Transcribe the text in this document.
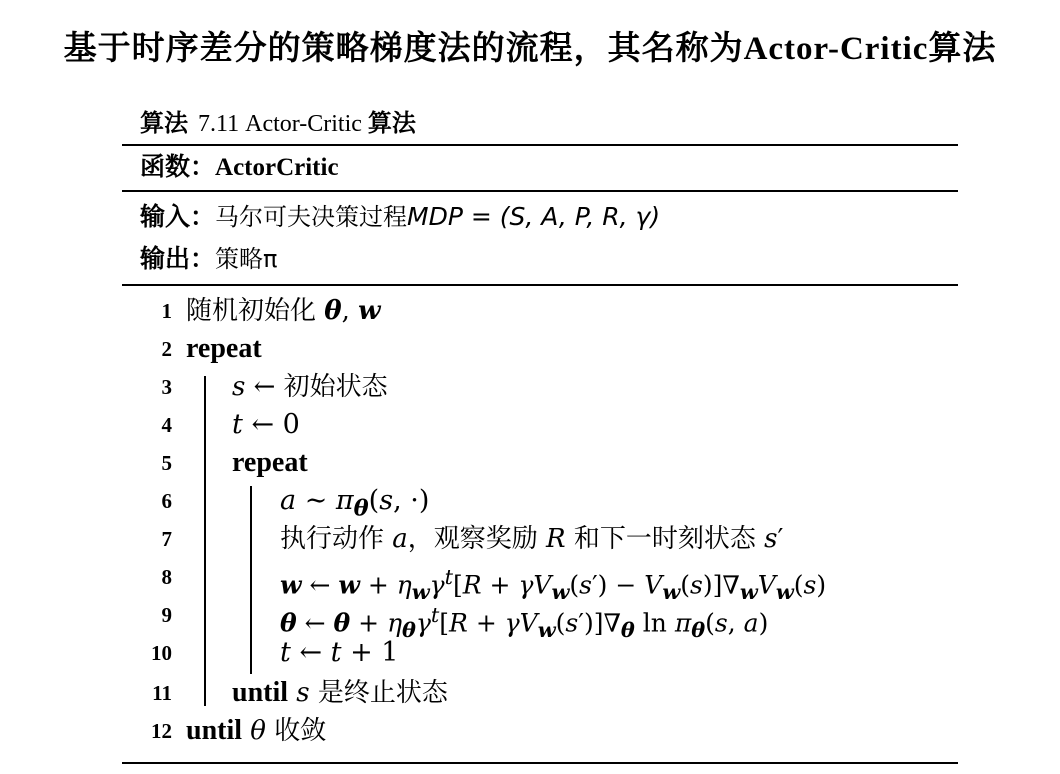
基于时序差分的策略梯度法的流程，其名称为Actor-Critic算法
算法 7.11 Actor-Critic 算法
函数：ActorCritic
输入：马尔可夫决策过程MDP = (S, A, P, R, γ)
输出：策略π
1 随机初始化 θ, w
2 repeat
3 s ← 初始状态
4 t ← 0
5 repeat
6	a ∼ $\pi_\theta(s$, ·)
7	执行动作 a，观察奖励 R 和下一时刻状态 s′
8	w ← $w + \eta_w\gamma^t[R + \gamma V_w(s') - V_w(s)]\nabla_wV_w(s)$
9	θ ← $\theta + \eta_\theta\gamma^t[R + \gamma V_w(s')]\nabla_\theta$ $\ln \pi_\theta(s$, a)
10	t ← t + 1
11 until s 是终止状态
12 until θ 收敛
